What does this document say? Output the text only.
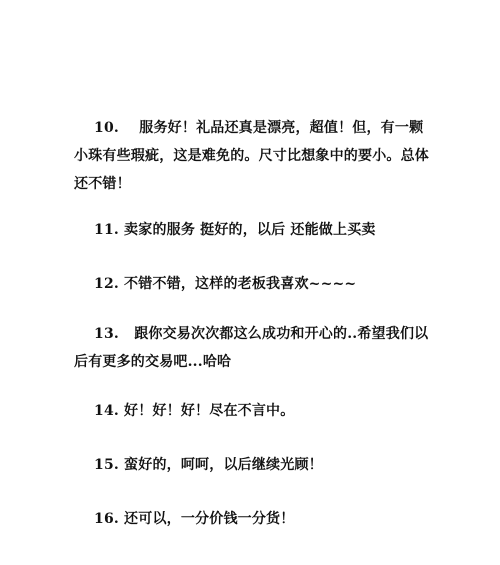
10. 服务好！礼品还真是漂亮，超值！但，有一颗小珠有些瑕疵，这是难免的。尺寸比想象中的要小。总体还不错！
11. 卖家的服务 挺好的，以后 还能做上买卖
12. 不错不错，这样的老板我喜欢~~~~
13. 跟你交易次次都这么成功和开心的..希望我们以后有更多的交易吧...哈哈
14. 好！好！好！尽在不言中。
15. 蛮好的，呵呵，以后继续光顾！
16. 还可以，一分价钱一分货！
